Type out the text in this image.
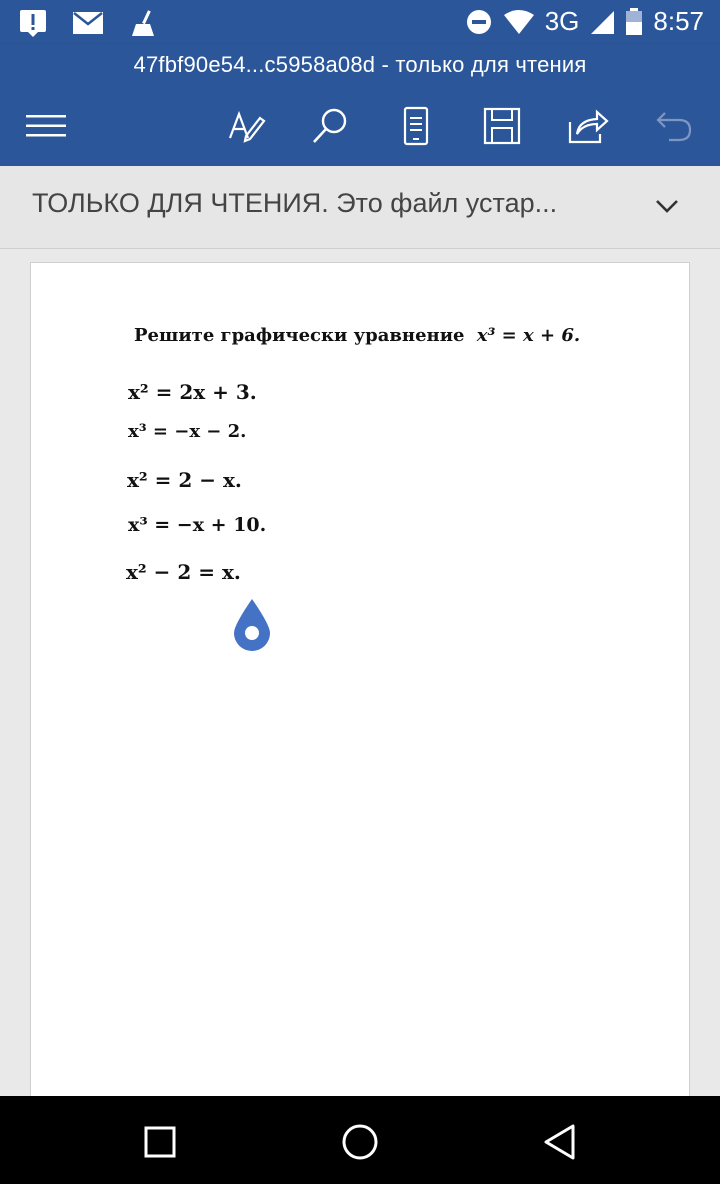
3G	8:57
47fbf90e54...c5958a08d - только для чтения
ТОЛЬКО ДЛЯ ЧТЕНИЯ. Это файл устар...
Решите графически уравнение x³ = x + 6.
x² = 2x + 3.
x³ = −x − 2.
x² = 2 − x.
x³ = −x + 10.
x² − 2 = x.
